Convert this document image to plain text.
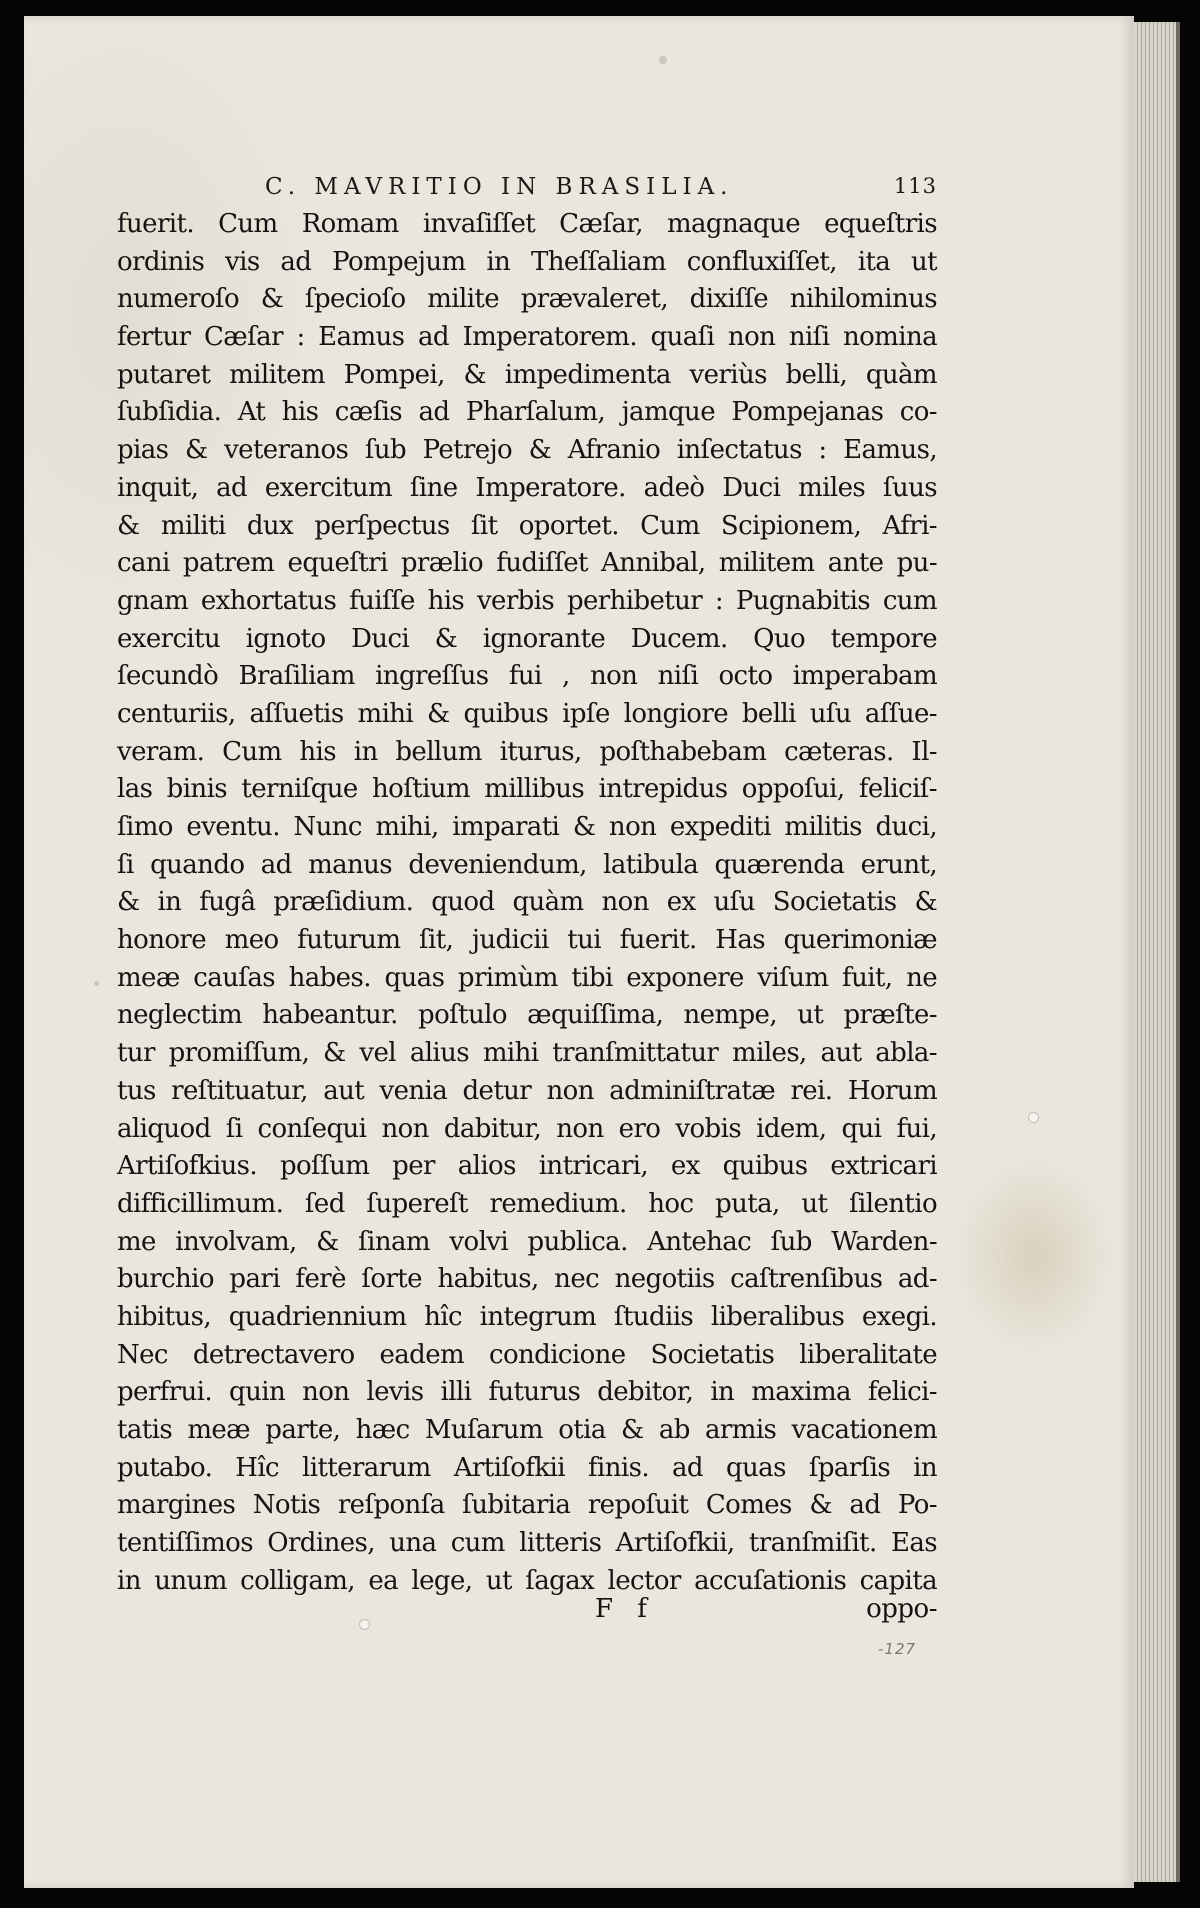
C. MAVRITIO IN BRASILIA.	113
fuerit. Cum Romam invaſiſſet Cæſar, magnaque equeſtris
ordinis vis ad Pompejum in Theſſaliam confluxiſſet, ita ut
numeroſo & ſpecioſo milite prævaleret, dixiſſe nihilominus
fertur Cæſar : Eamus ad Imperatorem. quaſi non niſi nomina
putaret militem Pompei, & impedimenta veriùs belli, quàm
ſubſidia. At his cæſis ad Pharſalum, jamque Pompejanas co-
pias & veteranos ſub Petrejo & Afranio inſectatus : Eamus,
inquit, ad exercitum ſine Imperatore. adeò Duci miles ſuus
& militi dux perſpectus ſit oportet. Cum Scipionem, Afri-
cani patrem equeſtri prælio fudiſſet Annibal, militem ante pu-
gnam exhortatus fuiſſe his verbis perhibetur : Pugnabitis cum
exercitu ignoto Duci & ignorante Ducem. Quo tempore
ſecundò Braſiliam ingreſſus fui , non niſi octo imperabam
centuriis, aſſuetis mihi & quibus ipſe longiore belli uſu aſſue-
veram. Cum his in bellum iturus, poſthabebam cæteras. Il-
las binis terniſque hoſtium millibus intrepidus oppoſui, feliciſ-
ſimo eventu. Nunc mihi, imparati & non expediti militis duci,
ſi quando ad manus deveniendum, latibula quærenda erunt,
& in fugâ præſidium. quod quàm non ex uſu Societatis &
honore meo futurum ſit, judicii tui fuerit. Has querimoniæ
meæ cauſas habes. quas primùm tibi exponere viſum fuit, ne
neglectim habeantur. poſtulo æquiſſima, nempe, ut præſte-
tur promiſſum, & vel alius mihi tranſmittatur miles, aut abla-
tus reſtituatur, aut venia detur non adminiſtratæ rei. Horum
aliquod ſi conſequi non dabitur, non ero vobis idem, qui fui,
Artiſofkius. poſſum per alios intricari, ex quibus extricari
difficillimum. ſed ſupereſt remedium. hoc puta, ut ſilentio
me involvam, & ſinam volvi publica. Antehac ſub Warden-
burchio pari ferè ſorte habitus, nec negotiis caſtrenſibus ad-
hibitus, quadriennium hîc integrum ſtudiis liberalibus exegi.
Nec detrectavero eadem condicione Societatis liberalitate
perfrui. quin non levis illi futurus debitor, in maxima felici-
tatis meæ parte, hæc Muſarum otia & ab armis vacationem
putabo. Hîc litterarum Artiſofkii finis. ad quas ſparſis in
margines Notis reſponſa ſubitaria repoſuit Comes & ad Po-
tentiſſimos Ordines, una cum litteris Artiſofkii, tranſmiſit. Eas
in unum colligam, ea lege, ut ſagax lector accuſationis capita
F f	oppo-
-127
